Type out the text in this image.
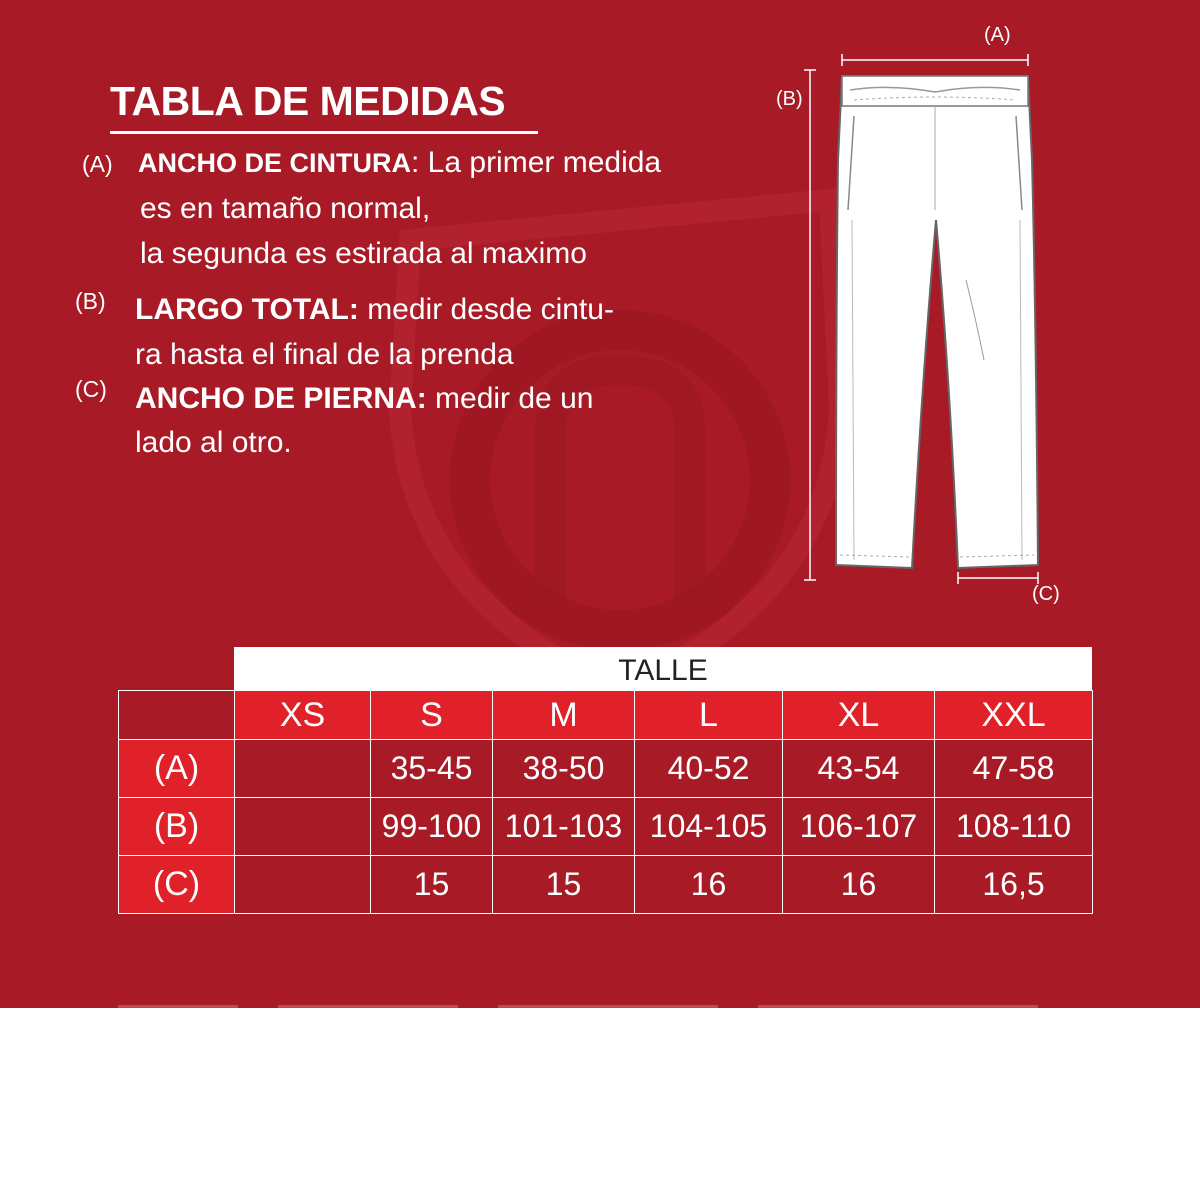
TABLA DE MEDIDAS
(A) ANCHO DE CINTURA: La primer medida
es en tamaño normal,
la segunda es estirada al maximo
(B) LARGO TOTAL: medir desde cintu-
ra hasta el final de la prenda
(C) ANCHO DE PIERNA: medir de un
lado al otro.
(A)
(B)
(C)
TALLE
	XS	S	M	L	XL	XXL
(A)		35-45	38-50	40-52	43-54	47-58
(B)		99-100	101-103	104-105	106-107	108-110
(C)		15	15	16	16	16,5
